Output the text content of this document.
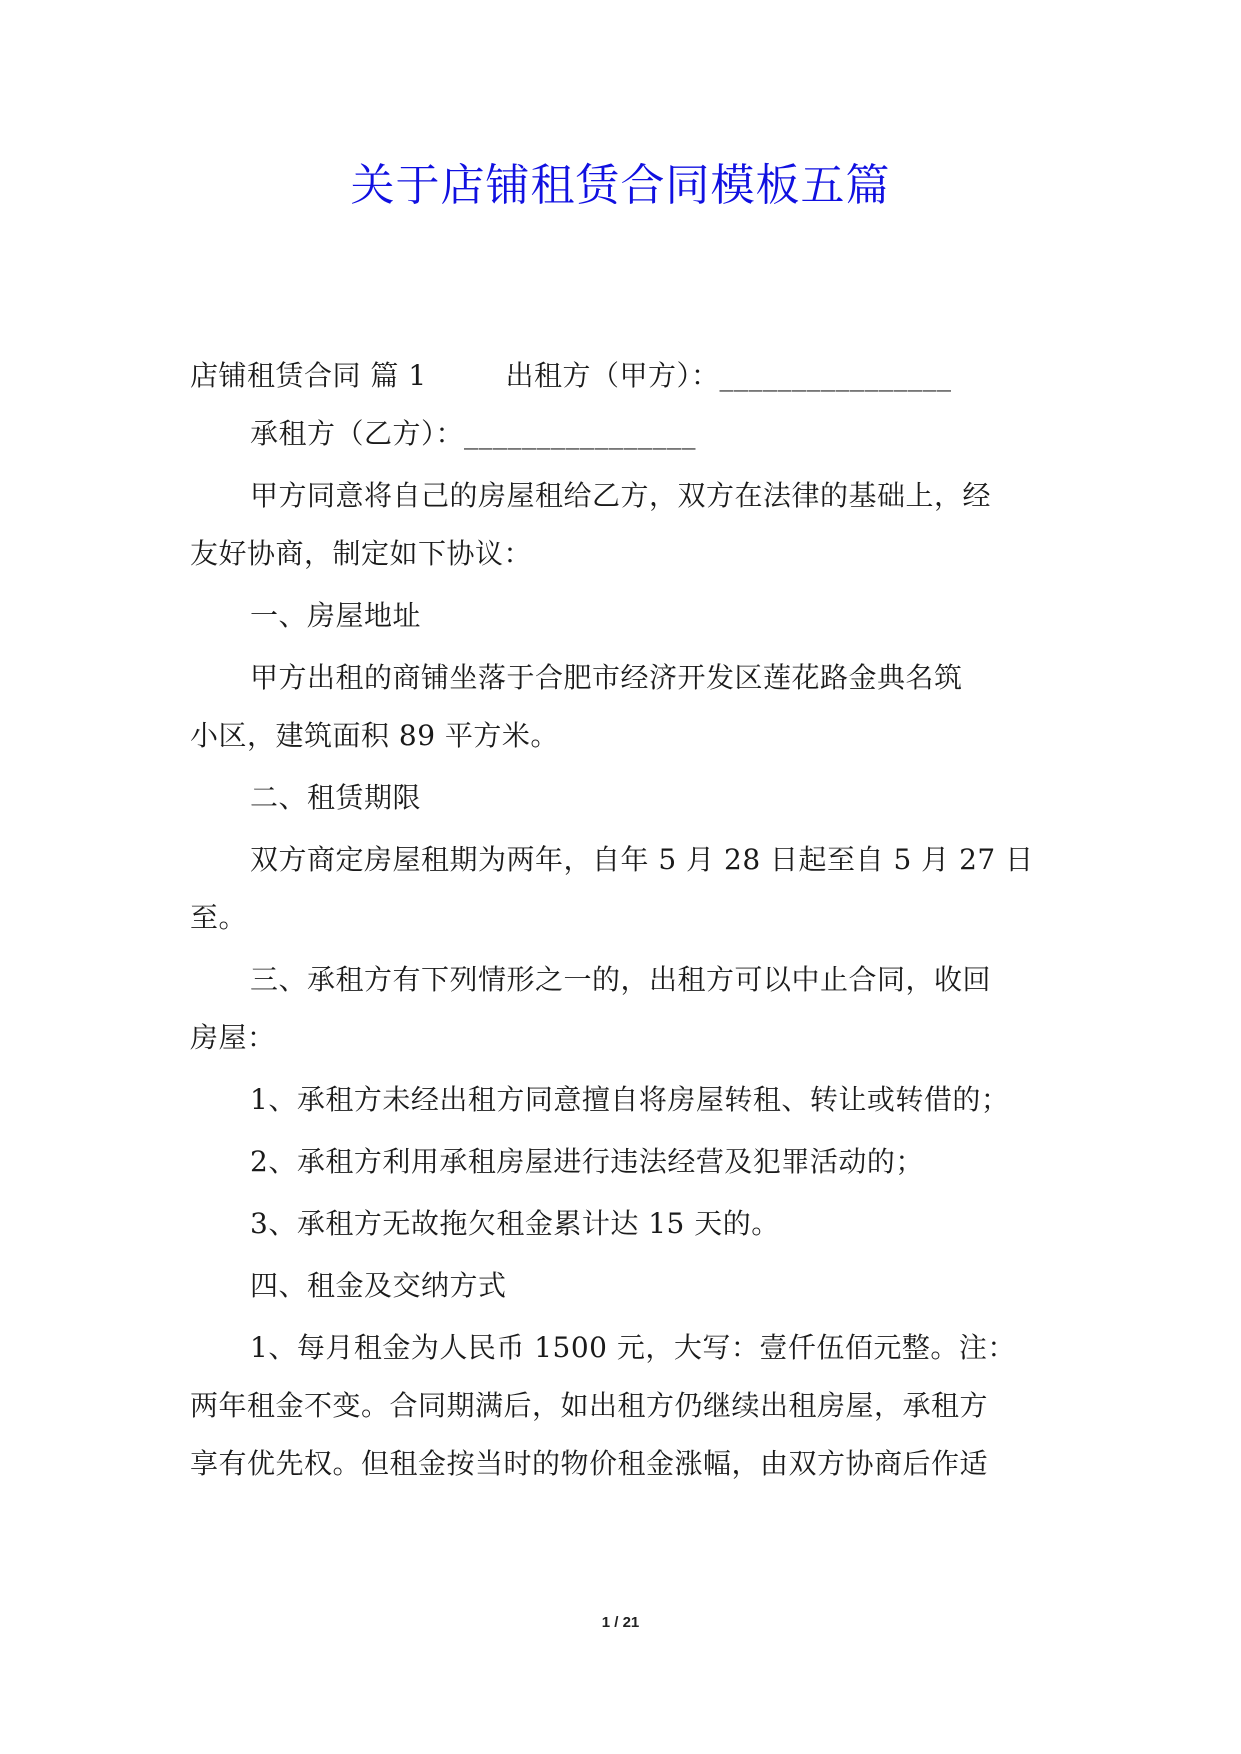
关于店铺租赁合同模板五篇
店铺租赁合同 篇 1	出租方（甲方）：________________
承租方（乙方）：________________
甲方同意将自己的房屋租给乙方，双方在法律的基础上，经
友好协商，制定如下协议：
一、房屋地址
甲方出租的商铺坐落于合肥市经济开发区莲花路金典名筑
小区，建筑面积 89 平方米。
二、租赁期限
双方商定房屋租期为两年，自年 5 月 28 日起至自 5 月 27 日
至。
三、承租方有下列情形之一的，出租方可以中止合同，收回
房屋：
1、承租方未经出租方同意擅自将房屋转租、转让或转借的；
2、承租方利用承租房屋进行违法经营及犯罪活动的；
3、承租方无故拖欠租金累计达 15 天的。
四、租金及交纳方式
1、每月租金为人民币 1500 元，大写：壹仟伍佰元整。注：
两年租金不变。合同期满后，如出租方仍继续出租房屋，承租方
享有优先权。但租金按当时的物价租金涨幅，由双方协商后作适
1 / 21
